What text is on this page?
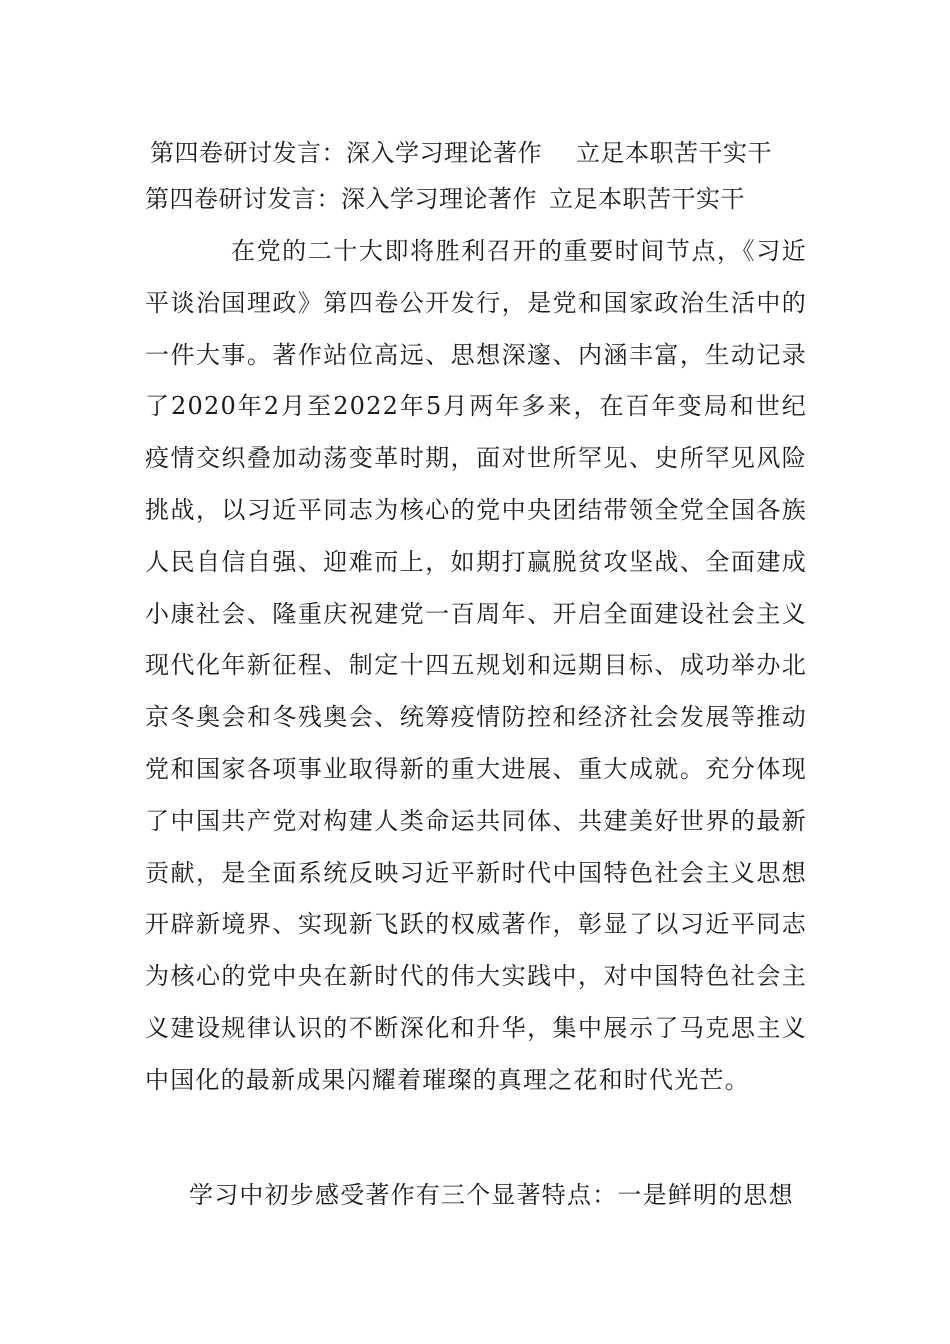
第四卷研讨发言：深入学习理论著作 立足本职苦干实干
第四卷研讨发言：深入学习理论著作 立足本职苦干实干

在党的二十大即将胜利召开的重要时间节点，《习近平谈治国理政》第四卷公开发行，是党和国家政治生活中的一件大事。著作站位高远、思想深邃、内涵丰富，生动记录了2020年2月至2022年5月两年多来，在百年变局和世纪疫情交织叠加动荡变革时期，面对世所罕见、史所罕见风险挑战，以习近平同志为核心的党中央团结带领全党全国各族人民自信自强、迎难而上，如期打赢脱贫攻坚战、全面建成小康社会、隆重庆祝建党一百周年、开启全面建设社会主义现代化年新征程、制定十四五规划和远期目标、成功举办北京冬奥会和冬残奥会、统筹疫情防控和经济社会发展等推动党和国家各项事业取得新的重大进展、重大成就。充分体现了中国共产党对构建人类命运共同体、共建美好世界的最新贡献，是全面系统反映习近平新时代中国特色社会主义思想开辟新境界、实现新飞跃的权威著作，彰显了以习近平同志为核心的党中央在新时代的伟大实践中，对中国特色社会主义建设规律认识的不断深化和升华，集中展示了马克思主义中国化的最新成果闪耀着璀璨的真理之花和时代光芒。

学习中初步感受著作有三个显著特点：一是鲜明的思想
